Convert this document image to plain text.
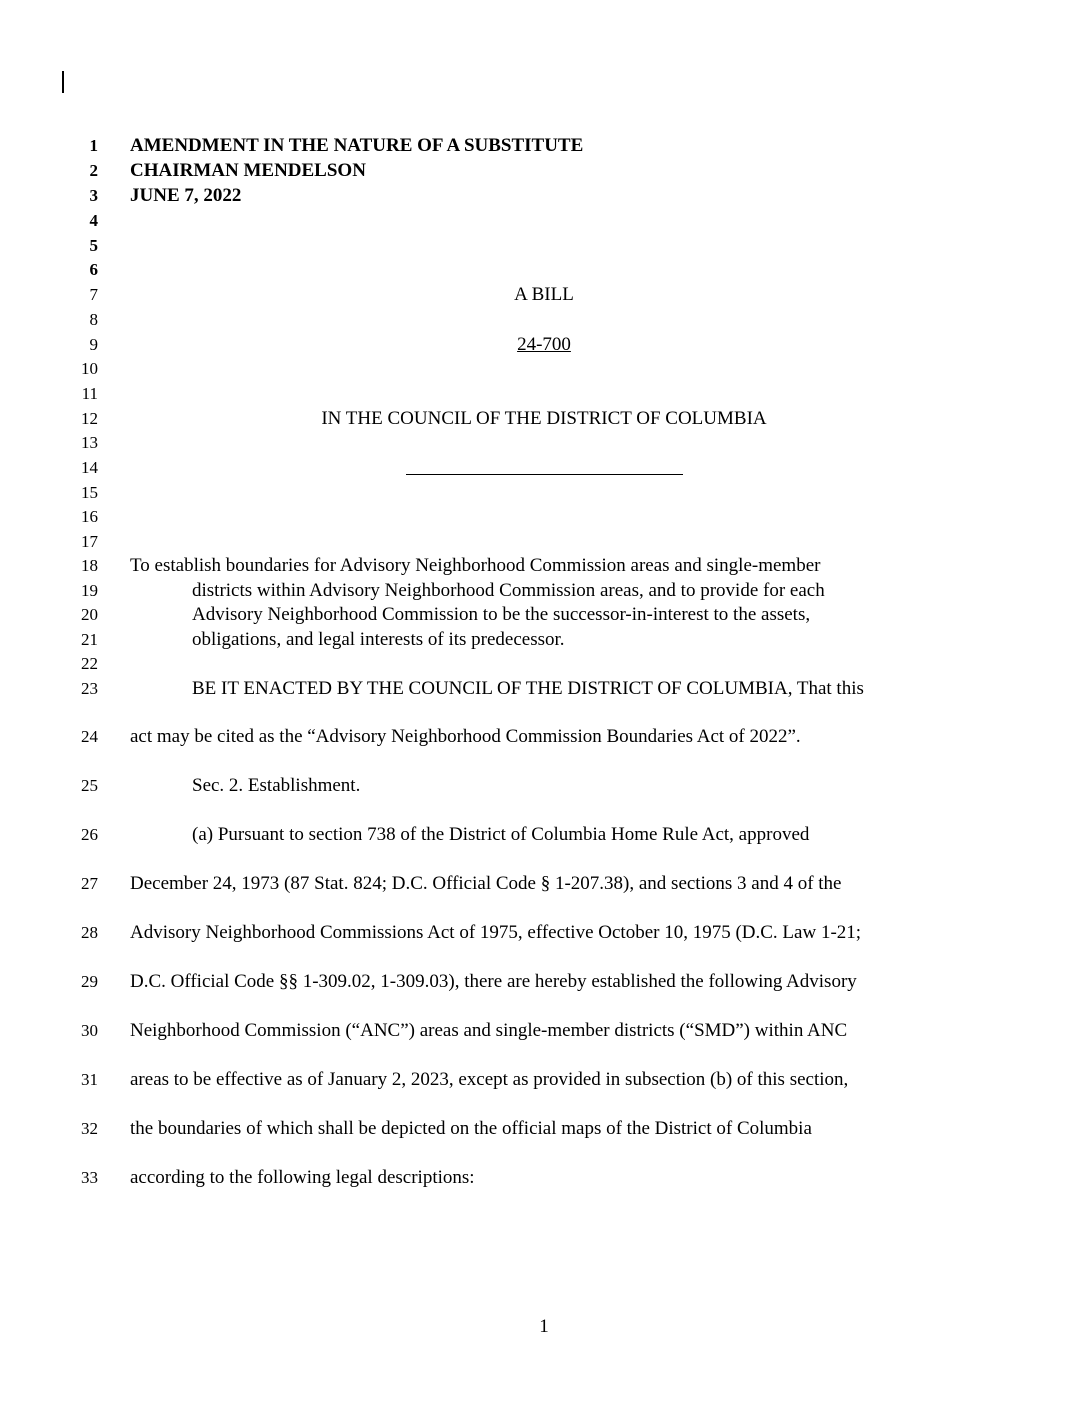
1
2
3
4
5
6
7
8
9
10
11
12
13
14
15
16
17
18
19
20
21
22
23
24
25
26
27
28
29
30
31
32
33
AMENDMENT IN THE NATURE OF A SUBSTITUTE
CHAIRMAN MENDELSON
JUNE 7, 2022
A BILL
24-700
IN THE COUNCIL OF THE DISTRICT OF COLUMBIA
To establish boundaries for Advisory Neighborhood Commission areas and single-member
districts within Advisory Neighborhood Commission areas, and to provide for each
Advisory Neighborhood Commission to be the successor-in-interest to the assets,
obligations, and legal interests of its predecessor.
BE IT ENACTED BY THE COUNCIL OF THE DISTRICT OF COLUMBIA, That this
act may be cited as the “Advisory Neighborhood Commission Boundaries Act of 2022”.
Sec. 2. Establishment.
(a) Pursuant to section 738 of the District of Columbia Home Rule Act, approved
December 24, 1973 (87 Stat. 824; D.C. Official Code § 1-207.38), and sections 3 and 4 of the
Advisory Neighborhood Commissions Act of 1975, effective October 10, 1975 (D.C. Law 1-21;
D.C. Official Code §§ 1-309.02, 1-309.03), there are hereby established the following Advisory
Neighborhood Commission (“ANC”) areas and single-member districts (“SMD”) within ANC
areas to be effective as of January 2, 2023, except as provided in subsection (b) of this section,
the boundaries of which shall be depicted on the official maps of the District of Columbia
according to the following legal descriptions:
1
